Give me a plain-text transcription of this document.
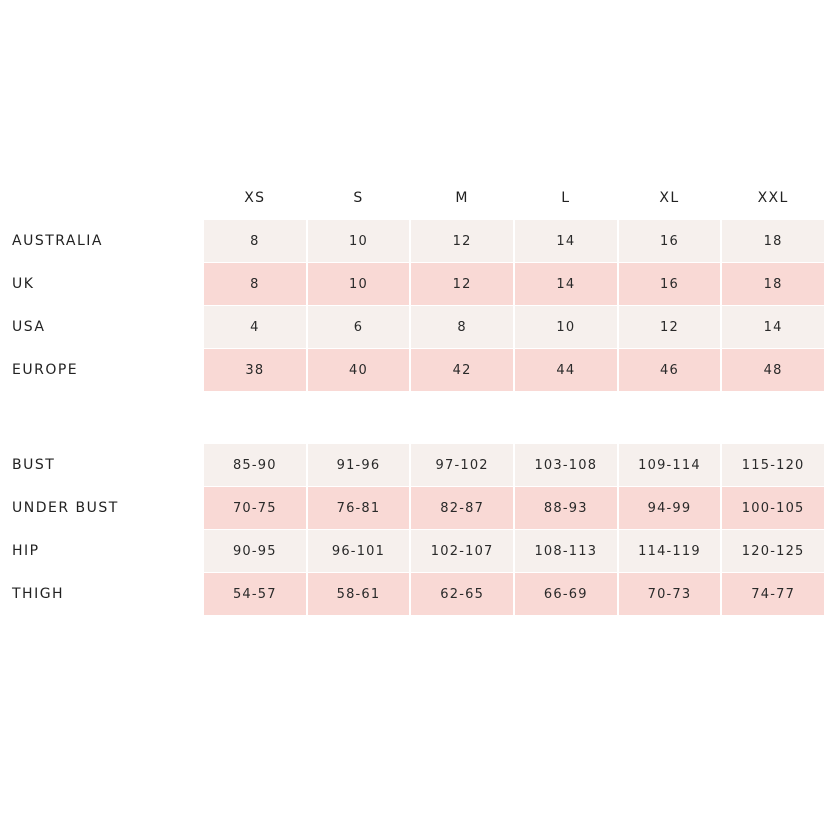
XS	S	M	L	XL	XXL
AUSTRALIA	8	10	12	14	16	18
UK	8	10	12	14	16	18
USA	4	6	8	10	12	14
EUROPE	38	40	42	44	46	48
BUST	85-90	91-96	97-102	103-108	109-114	115-120
UNDER BUST	70-75	76-81	82-87	88-93	94-99	100-105
HIP	90-95	96-101	102-107	108-113	114-119	120-125
THIGH	54-57	58-61	62-65	66-69	70-73	74-77
